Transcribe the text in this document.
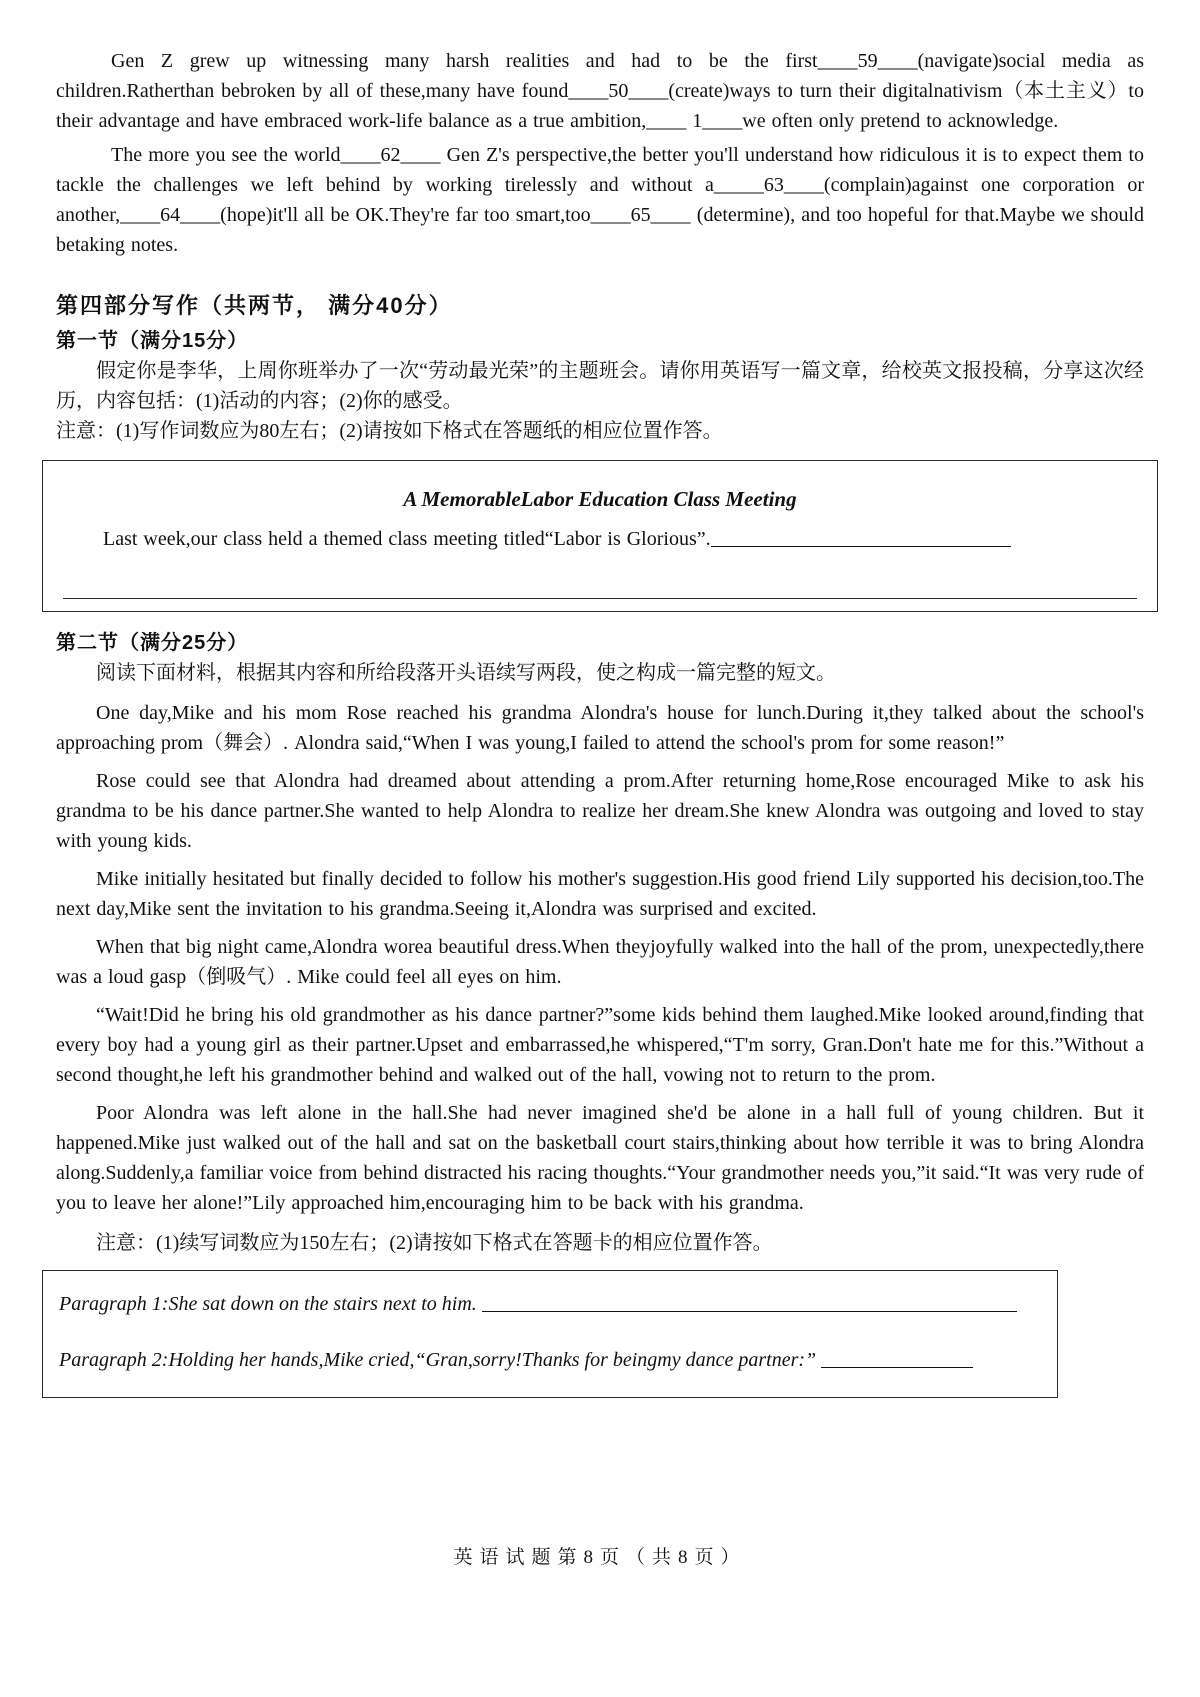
Gen Z grew up witnessing many harsh realities and had to be the first____59____(navigate)social media as children.Ratherthan bebroken by all of these,many have found____50____(create)ways to turn their digitalnativism（本土主义）to their advantage and have embraced work-life balance as a true ambition,____ 1____we often only pretend to acknowledge.

The more you see the world____62____ Gen Z's perspective,the better you'll understand how ridiculous it is to expect them to tackle the challenges we left behind by working tirelessly and without a_____63____(complain)against one corporation or another,____64____(hope)it'll all be OK.They're far too smart,too____65____ (determine), and too hopeful for that.Maybe we should betaking notes.

第四部分写作（共两节， 满分40分）
第一节（满分15分）

假定你是李华，上周你班举办了一次“劳动最光荣”的主题班会。请你用英语写一篇文章，给校英文报投稿，分享这次经历，内容包括：(1)活动的内容；(2)你的感受。

注意：(1)写作词数应为80左右；(2)请按如下格式在答题纸的相应位置作答。

A MemorableLabor Education Class Meeting

Last week,our class held a themed class meeting titled“Labor is Glorious”.

第二节（满分25分）

阅读下面材料，根据其内容和所给段落开头语续写两段，使之构成一篇完整的短文。

One day,Mike and his mom Rose reached his grandma Alondra's house for lunch.During it,they talked about the school's approaching prom（舞会）. Alondra said,“When I was young,I failed to attend the school's prom for some reason!”

Rose could see that Alondra had dreamed about attending a prom.After returning home,Rose encouraged Mike to ask his grandma to be his dance partner.She wanted to help Alondra to realize her dream.She knew Alondra was outgoing and loved to stay with young kids.

Mike initially hesitated but finally decided to follow his mother's suggestion.His good friend Lily supported his decision,too.The next day,Mike sent the invitation to his grandma.Seeing it,Alondra was surprised and excited.

When that big night came,Alondra worea beautiful dress.When theyjoyfully walked into the hall of the prom, unexpectedly,there was a loud gasp（倒吸气）. Mike could feel all eyes on him.

“Wait!Did he bring his old grandmother as his dance partner?”some kids behind them laughed.Mike looked around,finding that every boy had a young girl as their partner.Upset and embarrassed,he whispered,“T'm sorry, Gran.Don't hate me for this.”Without a second thought,he left his grandmother behind and walked out of the hall, vowing not to return to the prom.

Poor Alondra was left alone in the hall.She had never imagined she'd be alone in a hall full of young children. But it happened.Mike just walked out of the hall and sat on the basketball court stairs,thinking about how terrible it was to bring Alondra along.Suddenly,a familiar voice from behind distracted his racing thoughts.“Your grandmother needs you,”it said.“It was very rude of you to leave her alone!”Lily approached him,encouraging him to be back with his grandma.

注意：(1)续写词数应为150左右；(2)请按如下格式在答题卡的相应位置作答。

Paragraph 1:She sat down on the stairs next to him.

Paragraph 2:Holding her hands,Mike cried,“Gran,sorry!Thanks for beingmy dance partner:”

英语试题第8页（共8页）
